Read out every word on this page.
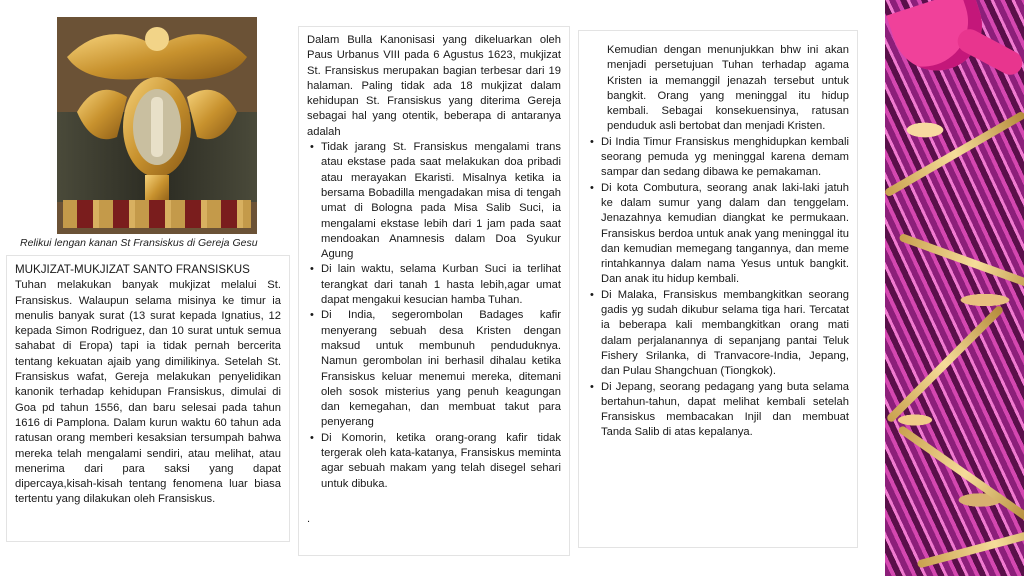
Relikui lengan kanan St Fransiskus di Gereja Gesu
MUKJIZAT-MUKJIZAT SANTO FRANSISKUS
Tuhan melakukan banyak mukjizat melalui St. Fransiskus. Walaupun selama misinya ke timur ia menulis banyak surat (13 surat kepada Ignatius, 12 kepada Simon Rodriguez, dan 10 surat untuk semua sahabat di Eropa) tapi ia tidak pernah bercerita tentang kekuatan ajaib yang dimilikinya. Setelah St. Fransiskus wafat, Gereja melakukan penyelidikan kanonik terhadap kehidupan Fransiskus, dimulai di Goa pd tahun 1556, dan baru selesai pada tahun 1616 di Pamplona. Dalam kurun waktu 60 tahun ada ratusan orang memberi kesaksian tersumpah bahwa mereka telah mengalami sendiri, atau melihat, atau menerima dari para saksi yang dapat dipercaya,kisah-kisah tentang fenomena luar biasa tertentu yang dilakukan oleh Fransiskus.
Dalam Bulla Kanonisasi yang dikeluarkan oleh Paus Urbanus VIII pada 6 Agustus 1623, mukjizat St. Fransiskus merupakan bagian terbesar dari 19 halaman. Paling tidak ada 18 mukjizat dalam kehidupan St. Fransiskus yang diterima Gereja sebagai hal yang otentik, beberapa di antaranya adalah
• Tidak jarang St. Fransiskus mengalami trans atau ekstase pada saat melakukan doa pribadi atau merayakan Ekaristi. Misalnya ketika ia bersama Bobadilla mengadakan misa di tengah umat di Bologna pada Misa Salib Suci, ia mengalami ekstase lebih dari 1 jam pada saat mendoakan Anamnesis dalam Doa Syukur Agung
• Di lain waktu, selama Kurban Suci ia terlihat terangkat dari tanah 1 hasta lebih,agar umat dapat mengakui kesucian hamba Tuhan.
• Di India, segerombolan Badages kafir menyerang sebuah desa Kristen dengan maksud untuk membunuh penduduknya. Namun gerombolan ini berhasil dihalau ketika Fransiskus keluar menemui mereka, ditemani oleh sosok misterius yang penuh keagungan dan kemegahan, dan membuat takut para penyerang
• Di Komorin, ketika orang-orang kafir tidak tergerak oleh kata-katanya, Fransiskus meminta agar sebuah makam yang telah disegel sehari untuk dibuka.
.
Kemudian dengan menunjukkan bhw ini akan menjadi persetujuan Tuhan terhadap agama Kristen ia memanggil jenazah tersebut untuk bangkit. Orang yang meninggal itu hidup kembali. Sebagai konsekuensinya, ratusan penduduk asli bertobat dan menjadi Kristen.
• Di India Timur Fransiskus menghidupkan kembali seorang pemuda yg meninggal karena demam sampar dan sedang dibawa ke pemakaman.
• Di kota Combutura, seorang anak laki-laki jatuh ke dalam sumur yang dalam dan tenggelam. Jenazahnya kemudian diangkat ke permukaan. Fransiskus berdoa untuk anak yang meninggal itu dan kemudian memegang tangannya, dan meme rintahkannya dalam nama Yesus untuk bangkit. Dan anak itu hidup kembali.
• Di Malaka, Fransiskus membangkitkan seorang gadis yg sudah dikubur selama tiga hari. Tercatat ia beberapa kali membangkitkan orang mati dalam perjalanannya di sepanjang pantai Teluk Fishery Srilanka, di Tranvacore-India, Jepang, dan Pulau Shangchuan (Tiongkok).
• Di Jepang, seorang pedagang yang buta selama bertahun-tahun, dapat melihat kembali setelah Fransiskus membacakan Injil dan membuat Tanda Salib di atas kepalanya.
